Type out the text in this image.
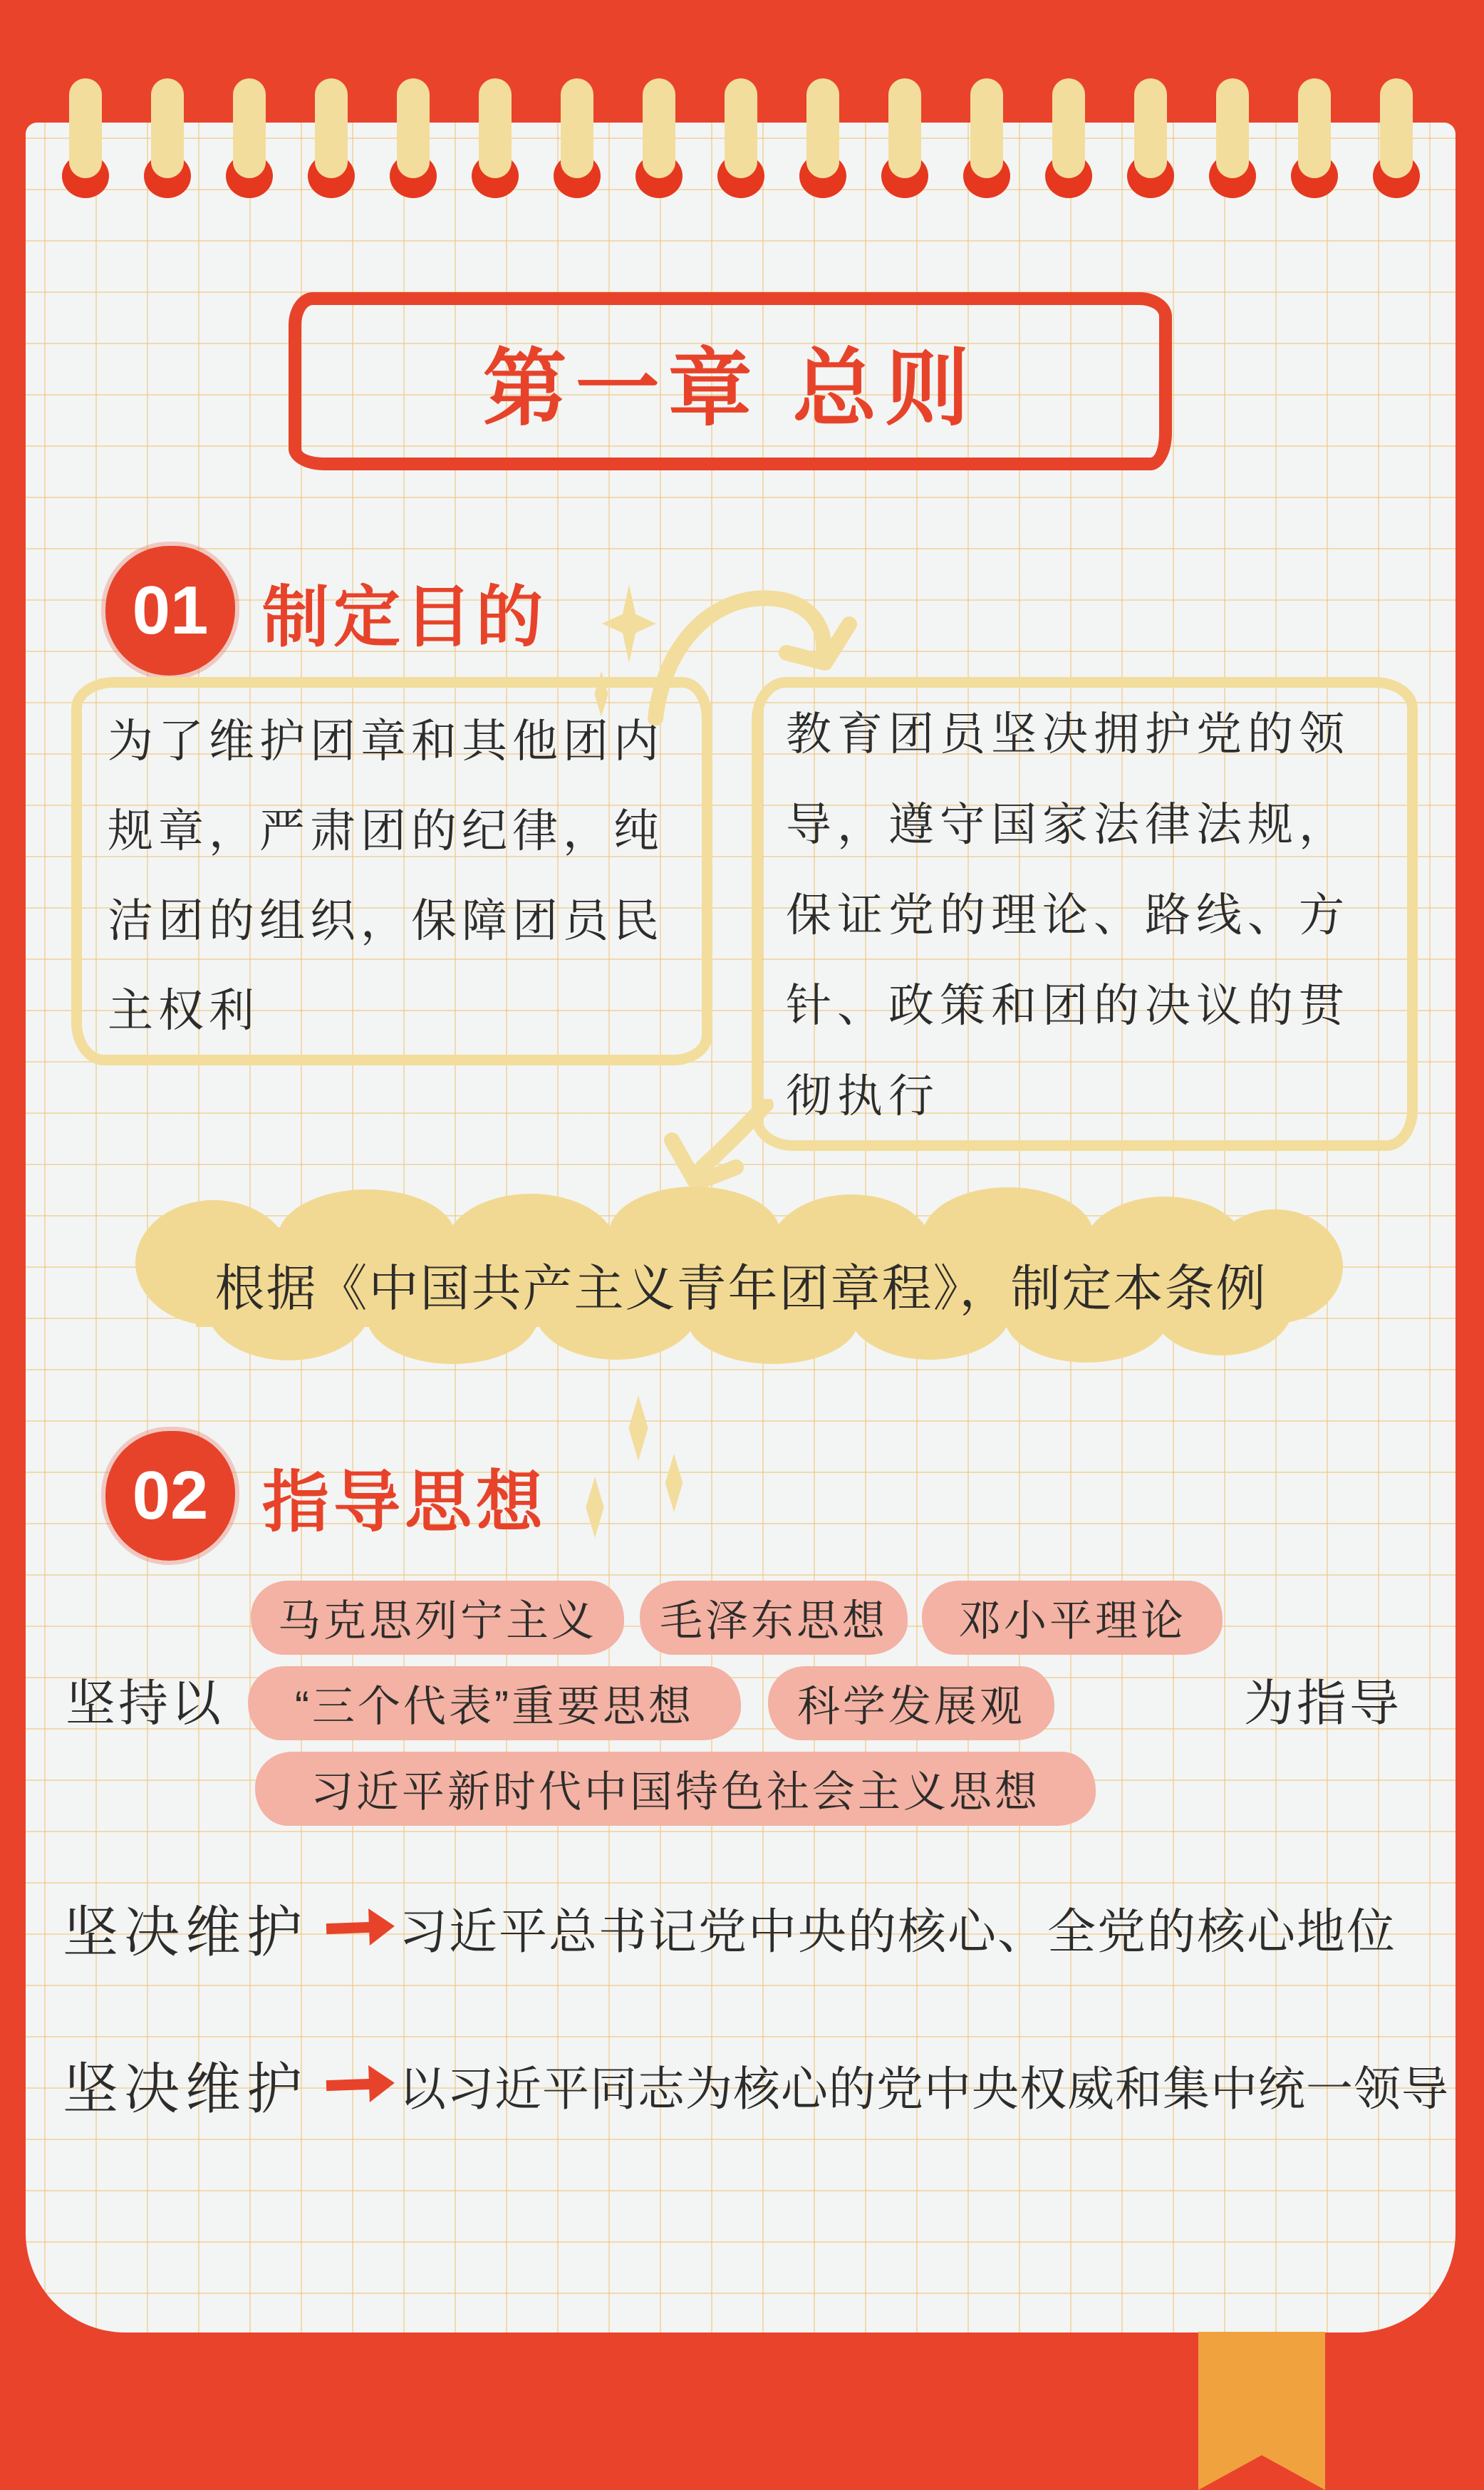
第一章 总则
01 制定目的
为了维护团章和其他团内
规章，严肃团的纪律，纯
洁团的组织，保障团员民
主权利
教育团员坚决拥护党的领
导，遵守国家法律法规，
保证党的理论、路线、方
针、政策和团的决议的贯
彻执行
根据《中国共产主义青年团章程》，制定本条例
02 指导思想
马克思列宁主义	毛泽东思想	邓小平理论
坚持以	“三个代表”重要思想	科学发展观	为指导
习近平新时代中国特色社会主义思想
坚决维护 习近平总书记党中央的核心、全党的核心地位
坚决维护 以习近平同志为核心的党中央权威和集中统一领导
